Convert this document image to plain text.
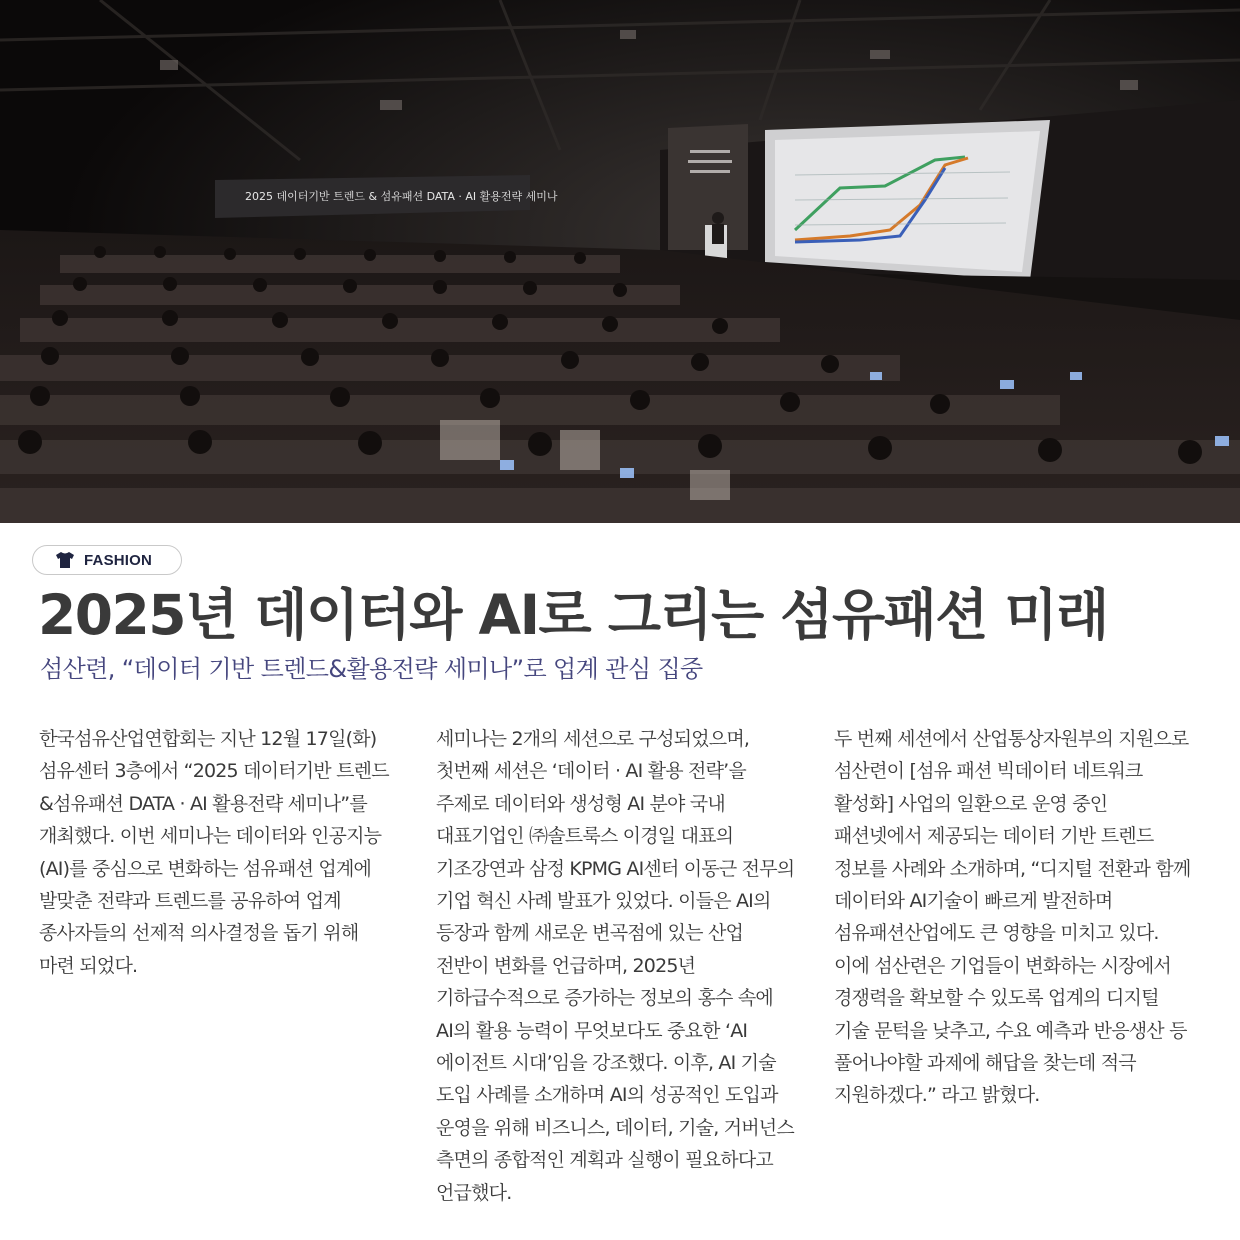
2025 데이터기반 트렌드 & 섬유패션 DATA · AI 활용전략 세미나
FASHION
2025년 데이터와 AI로 그리는 섬유패션 미래
섬산련, “데이터 기반 트렌드&활용전략 세미나”로 업계 관심 집중

한국섬유산업연합회는 지난 12월 17일(화) 섬유센터 3층에서 “2025 데이터기반 트렌드&섬유패션 DATA · AI 활용전략 세미나”를 개최했다. 이번 세미나는 데이터와 인공지능(AI)를 중심으로 변화하는 섬유패션 업계에 발맞춘 전략과 트렌드를 공유하여 업계 종사자들의 선제적 의사결정을 돕기 위해 마련 되었다.

세미나는 2개의 세션으로 구성되었으며, 첫번째 세션은 ‘데이터 · AI 활용 전략’을 주제로 데이터와 생성형 AI 분야 국내 대표기업인 ㈜솔트룩스 이경일 대표의 기조강연과 삼정 KPMG AI센터 이동근 전무의 기업 혁신 사례 발표가 있었다. 이들은 AI의 등장과 함께 새로운 변곡점에 있는 산업 전반이 변화를 언급하며, 2025년 기하급수적으로 증가하는 정보의 홍수 속에 AI의 활용 능력이 무엇보다도 중요한 ‘AI 에이전트 시대’임을 강조했다. 이후, AI 기술 도입 사례를 소개하며 AI의 성공적인 도입과 운영을 위해 비즈니스, 데이터, 기술, 거버넌스 측면의 종합적인 계획과 실행이 필요하다고 언급했다.

두 번째 세션에서 산업통상자원부의 지원으로 섬산련이 [섬유 패션 빅데이터 네트워크 활성화] 사업의 일환으로 운영 중인 패션넷에서 제공되는 데이터 기반 트렌드 정보를 사례와 소개하며, “디지털 전환과 함께 데이터와 AI기술이 빠르게 발전하며 섬유패션산업에도 큰 영향을 미치고 있다. 이에 섬산련은 기업들이 변화하는 시장에서 경쟁력을 확보할 수 있도록 업계의 디지털 기술 문턱을 낮추고, 수요 예측과 반응생산 등 풀어나야할 과제에 해답을 찾는데 적극 지원하겠다.” 라고 밝혔다.
